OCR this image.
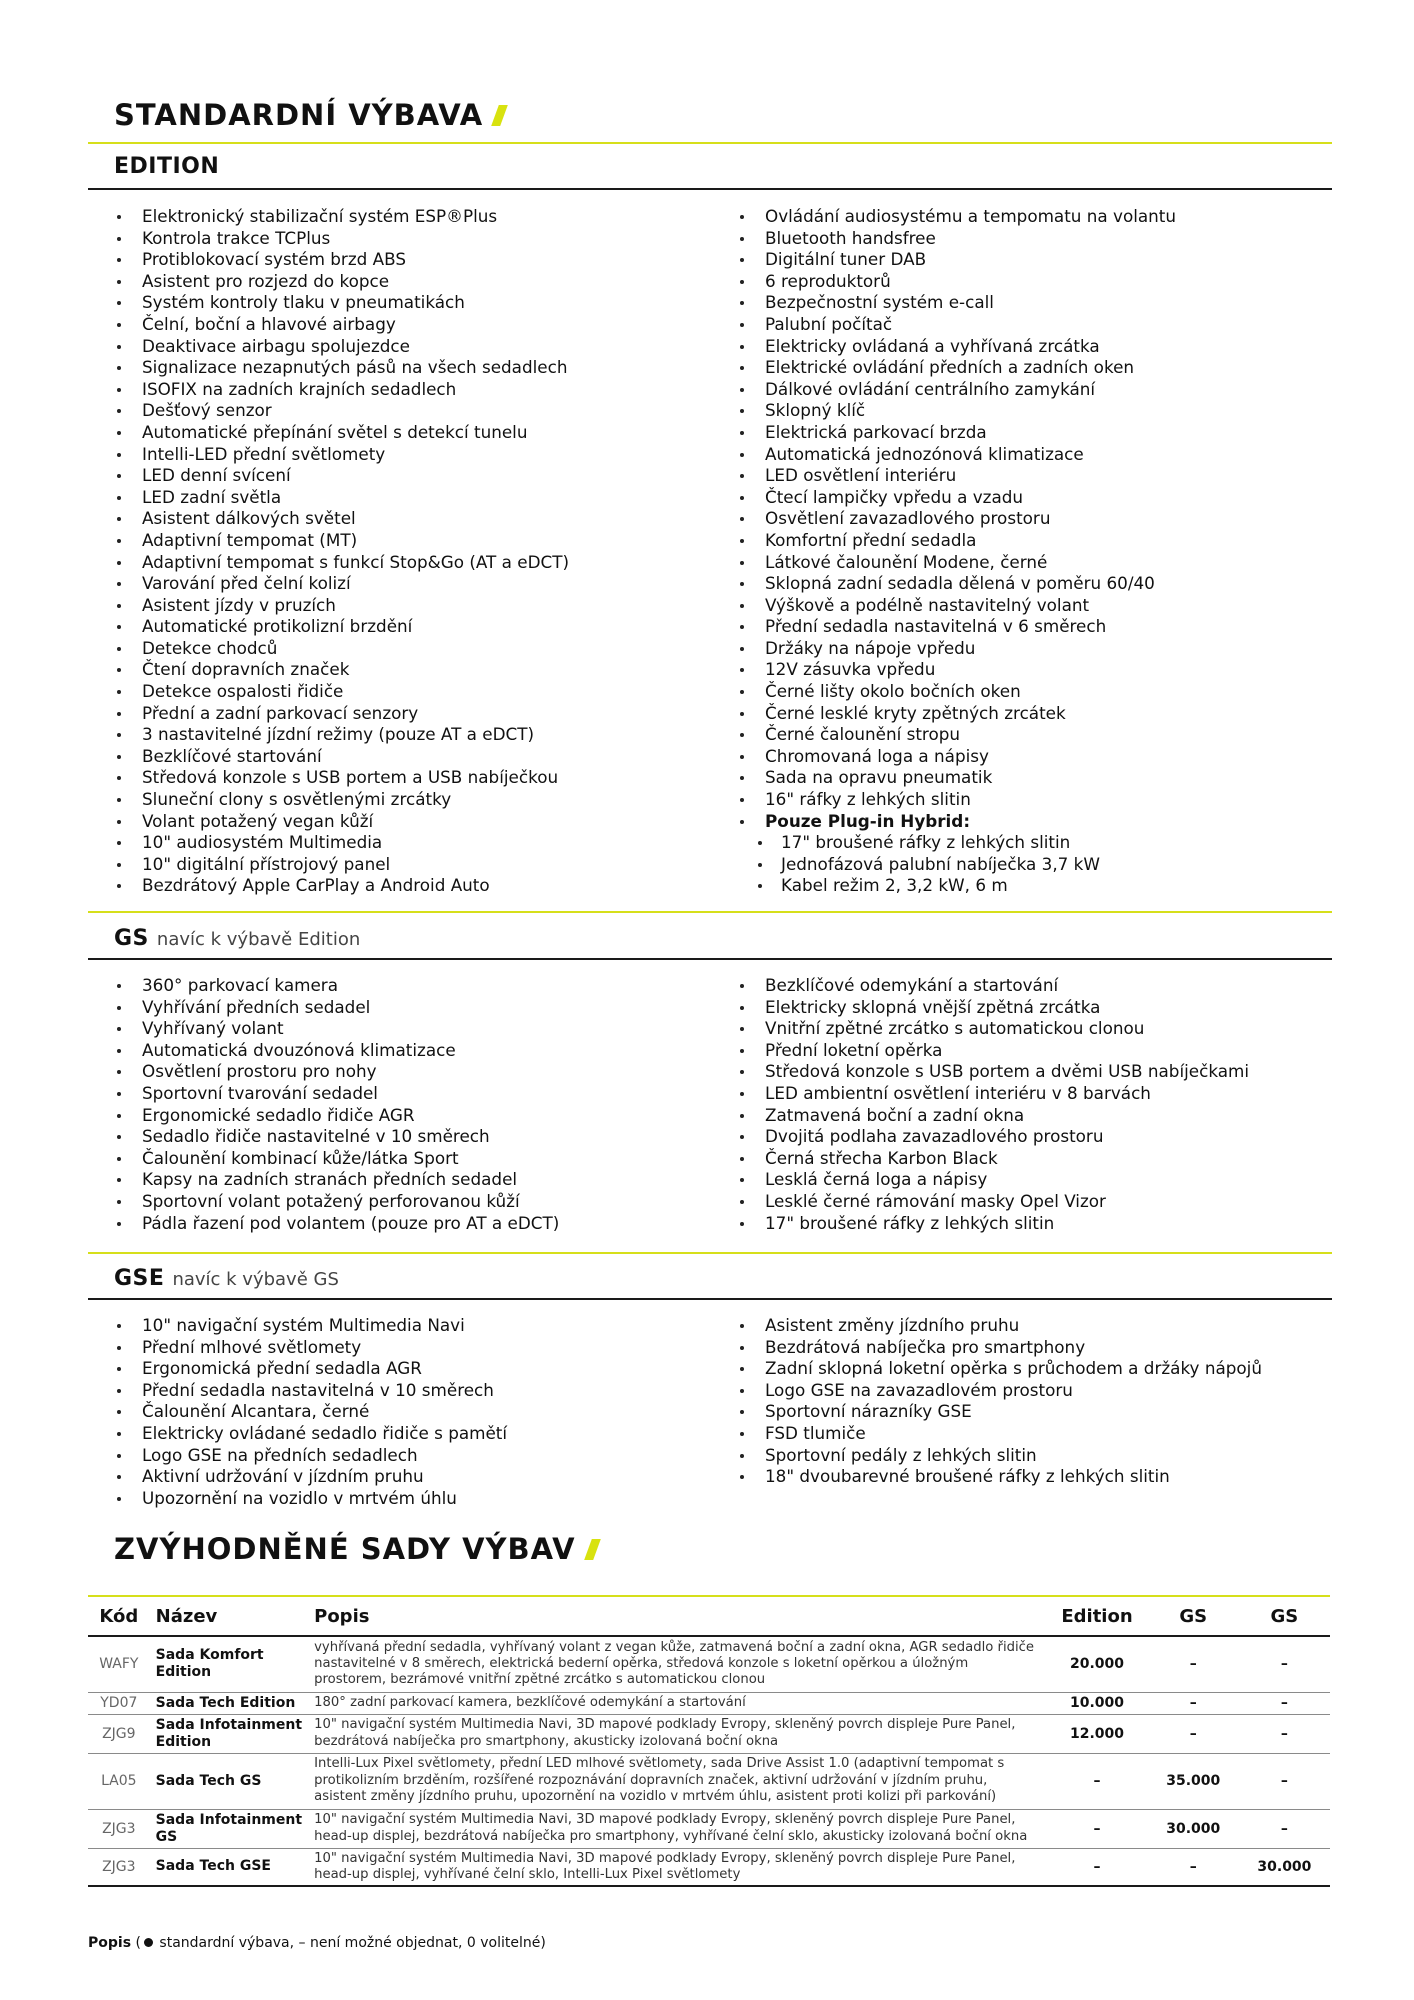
STANDARDNÍ VÝBAVA
EDITION
Elektronický stabilizační systém ESP®Plus
Kontrola trakce TCPlus
Protiblokovací systém brzd ABS
Asistent pro rozjezd do kopce
Systém kontroly tlaku v pneumatikách
Čelní, boční a hlavové airbagy
Deaktivace airbagu spolujezdce
Signalizace nezapnutých pásů na všech sedadlech
ISOFIX na zadních krajních sedadlech
Dešťový senzor
Automatické přepínání světel s detekcí tunelu
Intelli-LED přední světlomety
LED denní svícení
LED zadní světla
Asistent dálkových světel
Adaptivní tempomat (MT)
Adaptivní tempomat s funkcí Stop&Go (AT a eDCT)
Varování před čelní kolizí
Asistent jízdy v pruzích
Automatické protikolizní brzdění
Detekce chodců
Čtení dopravních značek
Detekce ospalosti řidiče
Přední a zadní parkovací senzory
3 nastavitelné jízdní režimy (pouze AT a eDCT)
Bezklíčové startování
Středová konzole s USB portem a USB nabíječkou
Sluneční clony s osvětlenými zrcátky
Volant potažený vegan kůží
10" audiosystém Multimedia
10" digitální přístrojový panel
Bezdrátový Apple CarPlay a Android Auto
Ovládání audiosystému a tempomatu na volantu
Bluetooth handsfree
Digitální tuner DAB
6 reproduktorů
Bezpečnostní systém e-call
Palubní počítač
Elektricky ovládaná a vyhřívaná zrcátka
Elektrické ovládání předních a zadních oken
Dálkové ovládání centrálního zamykání
Sklopný klíč
Elektrická parkovací brzda
Automatická jednozónová klimatizace
LED osvětlení interiéru
Čtecí lampičky vpředu a vzadu
Osvětlení zavazadlového prostoru
Komfortní přední sedadla
Látkové čalounění Modene, černé
Sklopná zadní sedadla dělená v poměru 60/40
Výškově a podélně nastavitelný volant
Přední sedadla nastavitelná v 6 směrech
Držáky na nápoje vpředu
12V zásuvka vpředu
Černé lišty okolo bočních oken
Černé lesklé kryty zpětných zrcátek
Černé čalounění stropu
Chromovaná loga a nápisy
Sada na opravu pneumatik
16" ráfky z lehkých slitin
Pouze Plug-in Hybrid:
17" broušené ráfky z lehkých slitin
Jednofázová palubní nabíječka 3,7 kW
Kabel režim 2, 3,2 kW, 6 m
GS navíc k výbavě Edition
360° parkovací kamera
Vyhřívání předních sedadel
Vyhřívaný volant
Automatická dvouzónová klimatizace
Osvětlení prostoru pro nohy
Sportovní tvarování sedadel
Ergonomické sedadlo řidiče AGR
Sedadlo řidiče nastavitelné v 10 směrech
Čalounění kombinací kůže/látka Sport
Kapsy na zadních stranách předních sedadel
Sportovní volant potažený perforovanou kůží
Pádla řazení pod volantem (pouze pro AT a eDCT)
Bezklíčové odemykání a startování
Elektricky sklopná vnější zpětná zrcátka
Vnitřní zpětné zrcátko s automatickou clonou
Přední loketní opěrka
Středová konzole s USB portem a dvěmi USB nabíječkami
LED ambientní osvětlení interiéru v 8 barvách
Zatmavená boční a zadní okna
Dvojitá podlaha zavazadlového prostoru
Černá střecha Karbon Black
Lesklá černá loga a nápisy
Lesklé černé rámování masky Opel Vizor
17" broušené ráfky z lehkých slitin
GSE navíc k výbavě GS
10" navigační systém Multimedia Navi
Přední mlhové světlomety
Ergonomická přední sedadla AGR
Přední sedadla nastavitelná v 10 směrech
Čalounění Alcantara, černé
Elektricky ovládané sedadlo řidiče s pamětí
Logo GSE na předních sedadlech
Aktivní udržování v jízdním pruhu
Upozornění na vozidlo v mrtvém úhlu
Asistent změny jízdního pruhu
Bezdrátová nabíječka pro smartphony
Zadní sklopná loketní opěrka s průchodem a držáky nápojů
Logo GSE na zavazadlovém prostoru
Sportovní nárazníky GSE
FSD tlumiče
Sportovní pedály z lehkých slitin
18" dvoubarevné broušené ráfky z lehkých slitin
ZVÝHODNĚNÉ SADY VÝBAV
Kód	Název	Popis	Edition	GS	GS
WAFY	Sada Komfort Edition	vyhřívaná přední sedadla, vyhřívaný volant z vegan kůže, zatmavená boční a zadní okna, AGR sedadlo řidiče nastavitelné v 8 směrech, elektrická bederní opěrka, středová konzole s loketní opěrkou a úložným prostorem, bezrámové vnitřní zpětné zrcátko s automatickou clonou	20.000	–	–
YD07	Sada Tech Edition	180° zadní parkovací kamera, bezklíčové odemykání a startování	10.000	–	–
ZJG9	Sada Infotainment Edition	10" navigační systém Multimedia Navi, 3D mapové podklady Evropy, skleněný povrch displeje Pure Panel, bezdrátová nabíječka pro smartphony, akusticky izolovaná boční okna	12.000	–	–
LA05	Sada Tech GS	Intelli-Lux Pixel světlomety, přední LED mlhové světlomety, sada Drive Assist 1.0 (adaptivní tempomat s protikolizním brzděním, rozšířené rozpoznávání dopravních značek, aktivní udržování v jízdním pruhu, asistent změny jízdního pruhu, upozornění na vozidlo v mrtvém úhlu, asistent proti kolizi při parkování)	–	35.000	–
ZJG3	Sada Infotainment GS	10" navigační systém Multimedia Navi, 3D mapové podklady Evropy, skleněný povrch displeje Pure Panel, head-up displej, bezdrátová nabíječka pro smartphony, vyhřívané čelní sklo, akusticky izolovaná boční okna	–	30.000	–
ZJG3	Sada Tech GSE	10" navigační systém Multimedia Navi, 3D mapové podklady Evropy, skleněný povrch displeje Pure Panel, head-up displej, vyhřívané čelní sklo, Intelli-Lux Pixel světlomety	–	–	30.000
Popis ( standardní výbava, – není možné objednat, 0 volitelné)
